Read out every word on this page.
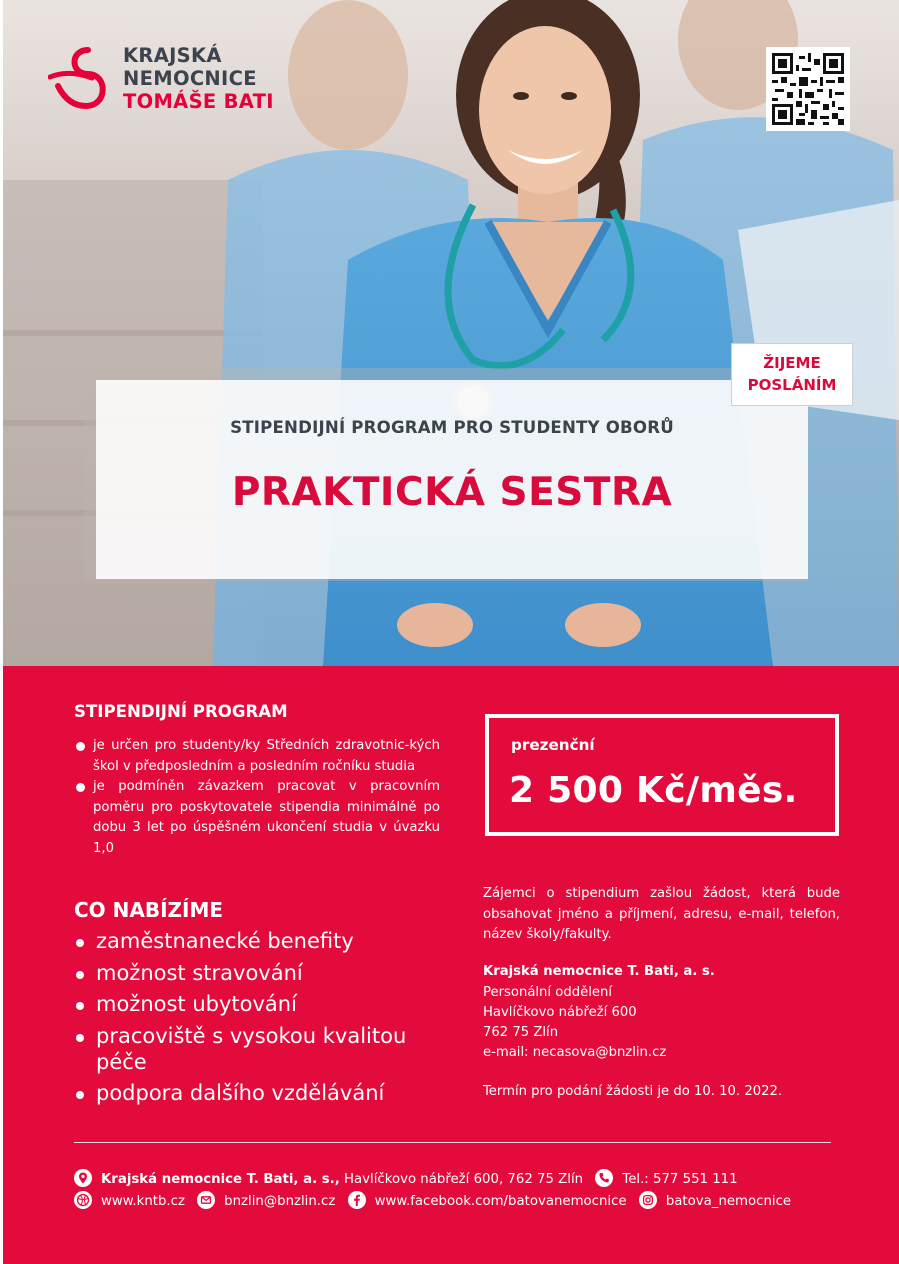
KRAJSKÁ
NEMOCNICE
TOMÁŠE BATI
STIPENDIJNÍ PROGRAM PRO STUDENTY OBORŮ
PRAKTICKÁ SESTRA
ŽIJEME
POSLÁNÍM
STIPENDIJNÍ PROGRAM
je určen pro studenty/ky Středních zdravotnic-kých škol v předposledním a posledním ročníku studia
je podmíněn závazkem pracovat v pracovním poměru pro poskytovatele stipendia minimálně po dobu 3 let po úspěšném ukončení studia v úvazku 1,0
CO NABÍZÍME
zaměstnanecké benefity
možnost stravování
možnost ubytování
pracoviště s vysokou kvalitou péče
podpora dalšího vzdělávání
prezenční
2 500 Kč/měs.
Zájemci o stipendium zašlou žádost, která bude obsahovat jméno a příjmení, adresu, e-mail, telefon, název školy/fakulty.
Krajská nemocnice T. Bati, a. s.
Personální oddělení
Havlíčkovo nábřeží 600
762 75 Zlín
e-mail: necasova@bnzlin.cz
Termín pro podání žádosti je do 10. 10. 2022.
Krajská nemocnice T. Bati, a. s., Havlíčkovo nábřeží 600, 762 75 Zlín	Tel.: 577 551 111
www.kntb.cz	bnzlin@bnzlin.cz	www.facebook.com/batovanemocnice	batova_nemocnice
